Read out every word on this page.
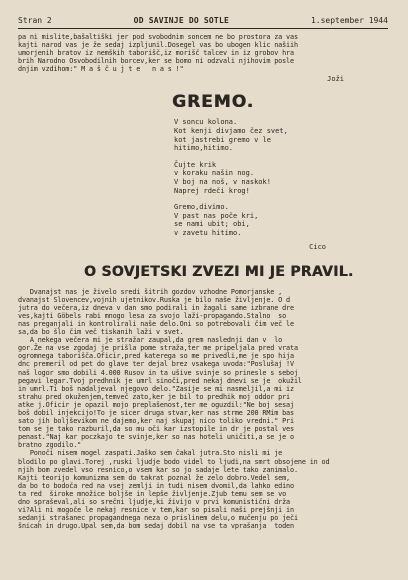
Stran 2	OD SAVINJE DO SOTLE	1.september 1944

pa ni mislite,bašaltiški jer pod svobodnim soncem ne bo prostora za vas

kajti narod vas je že sedaj izpljunil.Dosegel vas bo ubogen klic našiih

umorjenih bratov iz nemških taborišč,iz morišč talcev in iz grobov hra

brih Narodno Osvobodilnih borcev,ker se bomo ni odzvali njihovim posle

dnjim vzdihom:" M a š č u j t e   n a s !"

Joži

GREMO.
V soncu kolona.
Kot kenji divjamo čez svet,
kot jastrebi gremo v le
hitimo,hitimo.
Čujte krik
v koraku našin nog.
V boj na noš, v naskok!
Naprej rdeči krog!
Gremo,divimo.
V past nas poče kri,
se nami ubit; obi,
v zavetu hitimo.

Cico

O SOVJETSKI ZVEZI MI JE PRAVIL.

Dvanajst nas je živelo sredi šitrih gozdov vzhodne Pomorjanske ,

dvanajst Slovencev,vojnih ujetnikov.Ruska je bilo naše življenje. O d

jutra do večera,iz dneva v dan smo podirali in žagali same izbrane dre

ves,kajti Göbels rabi mnogo lesa za svojo laži-propagando.Stalno  so

nas preganjali in kontrolirali naše delo.Oni so potrebovali čim več le

sa,da bo šlo čim več tiskanih laži v svet.

A nekega večera mi je stražar zaupal,da grem naslednji dan v  lo

gor.Že na vse zgodaj je prišla pome straža,ter me pripeljala pred vrata

ogromnega taborišča.Oficir,pred katerega so me privedli,me je spo hija

dnc premeril od pet do glave ter dejal brez vsakega uvoda:"Poslušaj !V

naš logor smo dobili 4.000 Rusov in ta ušive svinje so prinesle s seboj

pegavi legar.Tvoj predhnik je umrl sinoči,pred nekaj dnevi se je  okužil

in umrl.Ti boš nadaljeval njegovo delo."Zasije se mi nasmeljil,a mi iz

strahu pred okuženjem,temveč zato,ker je bil to predhik moj oddor pri

atke j.Oficir je opazil mojo preplašenost,ter me oguzdil:"Ne boj sesaj

boš dobil injekcijo!To je sicer druga stvar,ker nas strme 200 RMim bas

sato jih boljševikom ne dajemo,ker naj skupaj nico toliko vredni." Pri

tom se je tako razburil,da so mu oči kar izstopile in dr je postal ves

penast."Naj kar poczkajo te svinje,ker so nas hoteli uničiti,a se je o

bratno zgodilo."

Ponoči nisem mogel zaspati.Jaško sem čakal jutra.Sto nisli mi je

blodilo po glavi.Torej ,ruski ljudje bodo videl to ljudi,na smrt obsojene in od

njih bom zvedel vso resnico,o vsem kar so jo sadaje lete tako zanimalo.

Kajti teorijo komunizma sem do takrat poznal že zelo dobro.Vedel sem,

da bo to bodoča red na vsej zemlji in tudi nisem dvomil,da lahko edino

ta red  široke množice boljše in lepše življenje.Zjub temu sem se vo

dno spraševal,ali so srečni ljudje,ki živijo v prvi komunistični drža

vi?Ali ni mogoče le nekaj resnice v tem,kar so pisali naši prejšnji in

sedanji strašanec propagandnega neza o prislinem delu,o mučenju po ječi

šnicah in drugo.Upal sem,da bom sedaj dobil na vse ta vprašanja  toden
